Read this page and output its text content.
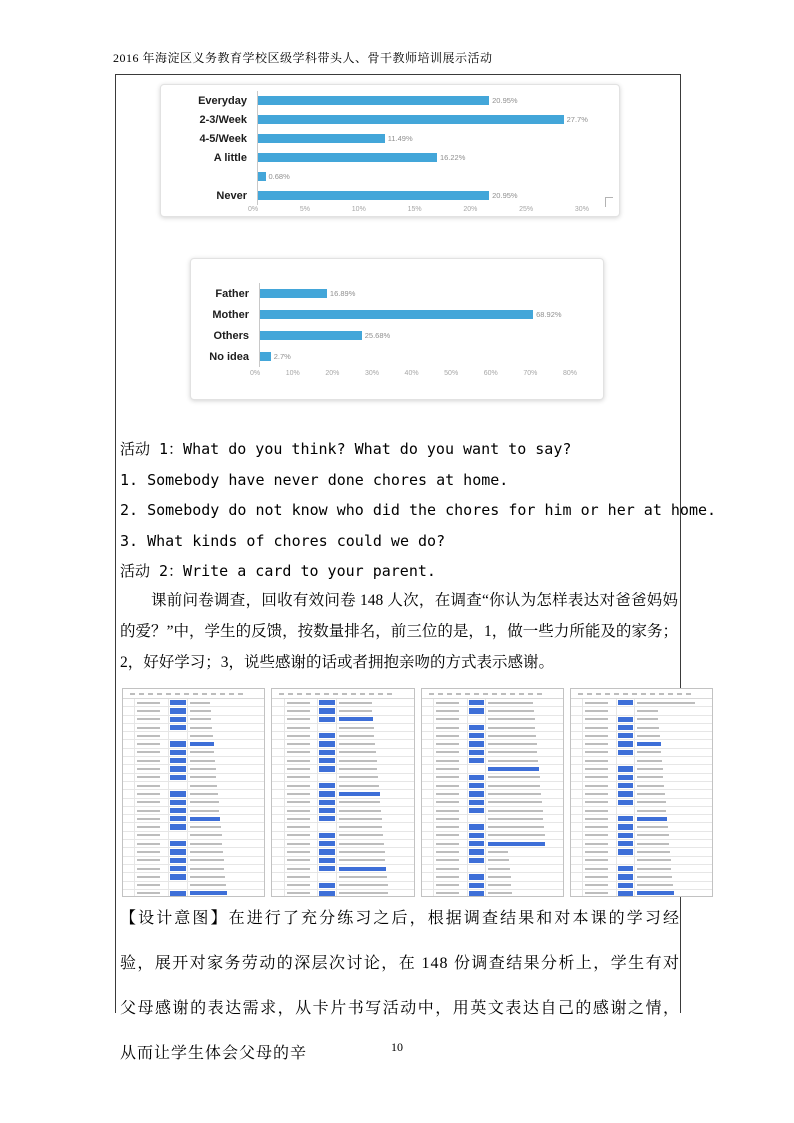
2016 年海淀区义务教育学校区级学科带头人、骨干教师培训展示活动
Everyday	20.95%
2-3/Week	27.7%
4-5/Week	11.49%
A little	16.22%
0.68%
Never	20.95%
0%	5%	10%	15%	20%	25%	30%
Father	16.89%
Mother	68.92%
Others	25.68%
No idea	2.7%
0%	10%	20%	30%	40%	50%	60%	70%	80%
活动 1：What do you think? What do you want to say?
1. Somebody have never done chores at home.
2. Somebody do not know who did the chores for him or her at home.
3. What kinds of chores could we do?
活动 2：Write a card to your parent.

课前问卷调查，回收有效问卷 148 人次，在调查“你认为怎样表达对爸爸妈妈的爱？”中，学生的反馈，按数量排名，前三位的是，1，做一些力所能及的家务；2，好好学习；3，说些感谢的话或者拥抱亲吻的方式表示感谢。

【设计意图】在进行了充分练习之后，根据调查结果和对本课的学习经验，展开对家务劳动的深层次讨论，在 148 份调查结果分析上，学生有对父母感谢的表达需求，从卡片书写活动中，用英文表达自己的感谢之情，从而让学生体会父母的辛	10
